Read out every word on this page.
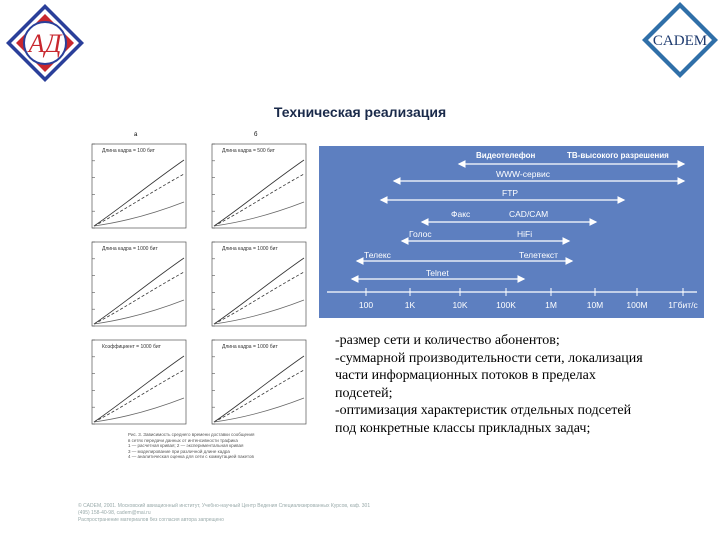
АД	CADEM
Техническая реализация
а	б
Длина кадра = 100 бит	Длина кадра = 500 бит
Длина кадра = 1000 бит	Длина кадра = 1000 бит
Коэффициент = 1000 бит	Длина кадра = 1000 бит
Рис. 3. Зависимость среднего времени доставки сообщения
в сетях передачи данных от интенсивности трафика
1 — расчетная кривая; 2 — экспериментальная кривая
3 — моделирование при различной длине кадра
4 — аналитическая оценка для сети с коммутацией пакетов
Видеотелефон	ТВ-высокого разрешения
WWW-сервис
FTP
Факс	CAD/CAM
Голос	HiFi
Телекс	Телетекст
Telnet
100	1K	10K	100K	1M	10M	100M 1Гбит/с
-размер сети и количество абонентов;
-суммарной производительности сети, локализация
части информационных потоков в пределах
подсетей;
-оптимизация характеристик отдельных подсетей
под конкретные классы прикладных задач;
© CADEM, 2001. Московский авиационный институт, Учебно-научный Центр Ведения Специализированных Курсов, каф. 301
(495) 158-40-98, cadem@mai.ru
Распространение материалов без согласия автора запрещено
